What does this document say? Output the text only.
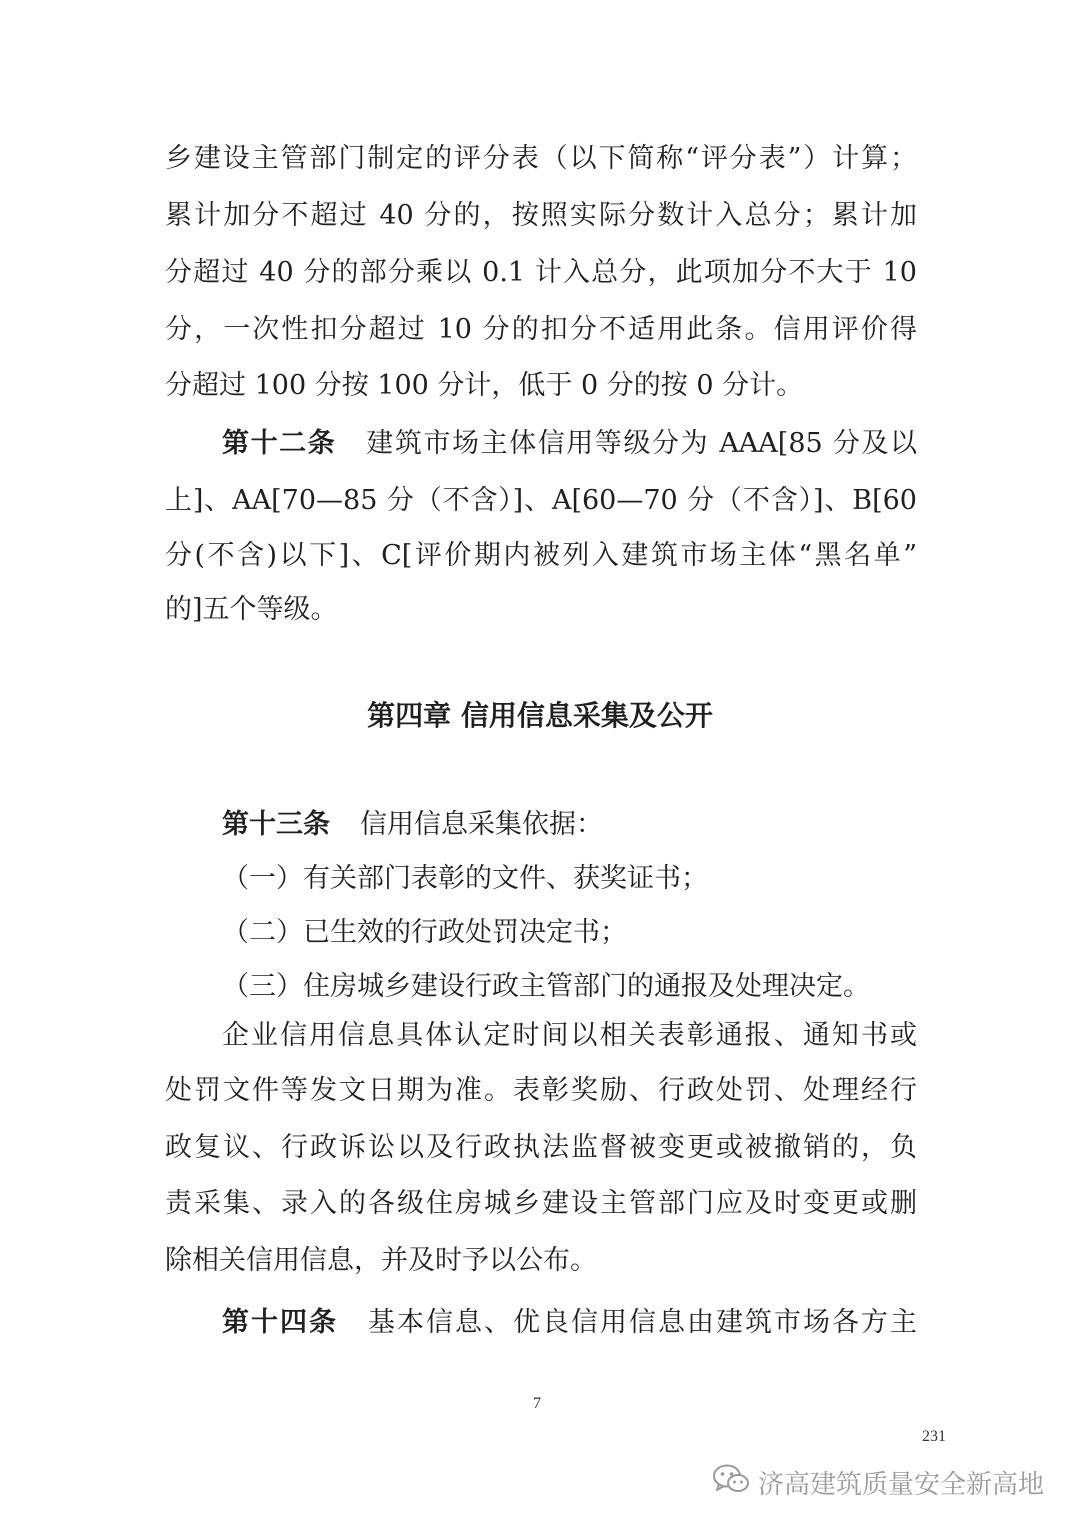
乡建设主管部门制定的评分表（以下简称“评分表”）计算；
累计加分不超过 40 分的，按照实际分数计入总分；累计加
分超过 40 分的部分乘以 0.1 计入总分，此项加分不大于 10
分，一次性扣分超过 10 分的扣分不适用此条。信用评价得
分超过 100 分按 100 分计，低于 0 分的按 0 分计。
第十二条 建筑市场主体信用等级分为 AAA[85 分及以
上]、AA[70—85 分（不含）]、A[60—70 分（不含）]、B[60
分(不含)以下]、C[评价期内被列入建筑市场主体“黑名单”
的]五个等级。
第四章 信用信息采集及公开
第十三条 信用信息采集依据：
（一）有关部门表彰的文件、获奖证书；
（二）已生效的行政处罚决定书；
（三）住房城乡建设行政主管部门的通报及处理决定。
企业信用信息具体认定时间以相关表彰通报、通知书或
处罚文件等发文日期为准。表彰奖励、行政处罚、处理经行
政复议、行政诉讼以及行政执法监督被变更或被撤销的，负
责采集、录入的各级住房城乡建设主管部门应及时变更或删
除相关信用信息，并及时予以公布。
第十四条 基本信息、优良信用信息由建筑市场各方主
7
231
济高建筑质量安全新高地
